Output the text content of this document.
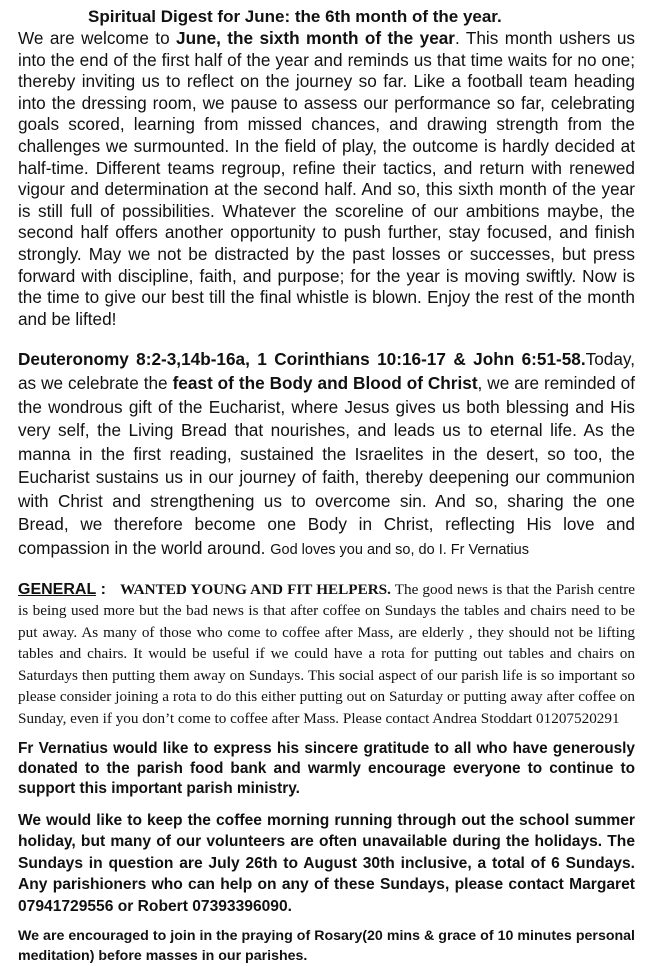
Spiritual Digest for June: the 6th month of the year.

We are welcome to June, the sixth month of the year. This month ushers us into the end of the first half of the year and reminds us that time waits for no one; thereby inviting us to reflect on the journey so far. Like a football team heading into the dressing room, we pause to assess our performance so far, celebrating goals scored, learning from missed chances, and drawing strength from the challenges we surmounted. In the field of play, the outcome is hardly decided at half-time. Different teams regroup, refine their tactics, and return with renewed vigour and determination at the second half. And so, this sixth month of the year is still full of possibilities. Whatever the scoreline of our ambitions maybe, the second half offers another opportunity to push further, stay focused, and finish strongly. May we not be distracted by the past losses or successes, but press forward with discipline, faith, and purpose; for the year is moving swiftly. Now is the time to give our best till the final whistle is blown. Enjoy the rest of the month and be lifted!

Deuteronomy 8:2-3,14b-16a, 1 Corinthians 10:16-17 & John 6:51-58.Today, as we celebrate the feast of the Body and Blood of Christ, we are reminded of the wondrous gift of the Eucharist, where Jesus gives us both blessing and His very self, the Living Bread that nourishes, and leads us to eternal life. As the manna in the first reading, sustained the Israelites in the desert, so too, the Eucharist sustains us in our journey of faith, thereby deepening our communion with Christ and strengthening us to overcome sin. And so, sharing the one Bread, we therefore become one Body in Christ, reflecting His love and compassion in the world around. God loves you and so, do I. Fr Vernatius

GENERAL :   WANTED YOUNG AND FIT HELPERS. The good news is that the Parish centre is being used more but the bad news is that after coffee on Sundays the tables and chairs need to be put away. As many of those who come to coffee after Mass, are elderly , they should not be lifting tables and chairs. It would be useful if we could have a rota for putting out tables and chairs on Saturdays then putting them away on Sundays. This social aspect of our parish life is so important so please consider joining a rota to do this either putting out on Saturday or putting away after coffee on Sunday, even if you don’t come to coffee after Mass. Please contact Andrea Stoddart 01207520291

Fr Vernatius would like to express his sincere gratitude to all who have generously donated to the parish food bank and warmly encourage everyone to continue to support this important parish ministry.

We would like to keep the coffee morning running through out the school summer holiday, but many of our volunteers are often unavailable during the holidays. The Sundays in question are July 26th to August 30th inclusive, a total of 6 Sundays. Any parishioners who can help on any of these Sundays, please contact Margaret 07941729556 or Robert 07393396090.

We are encouraged to join in the praying of Rosary(20 mins & grace of 10 minutes personal meditation) before masses in our parishes.
